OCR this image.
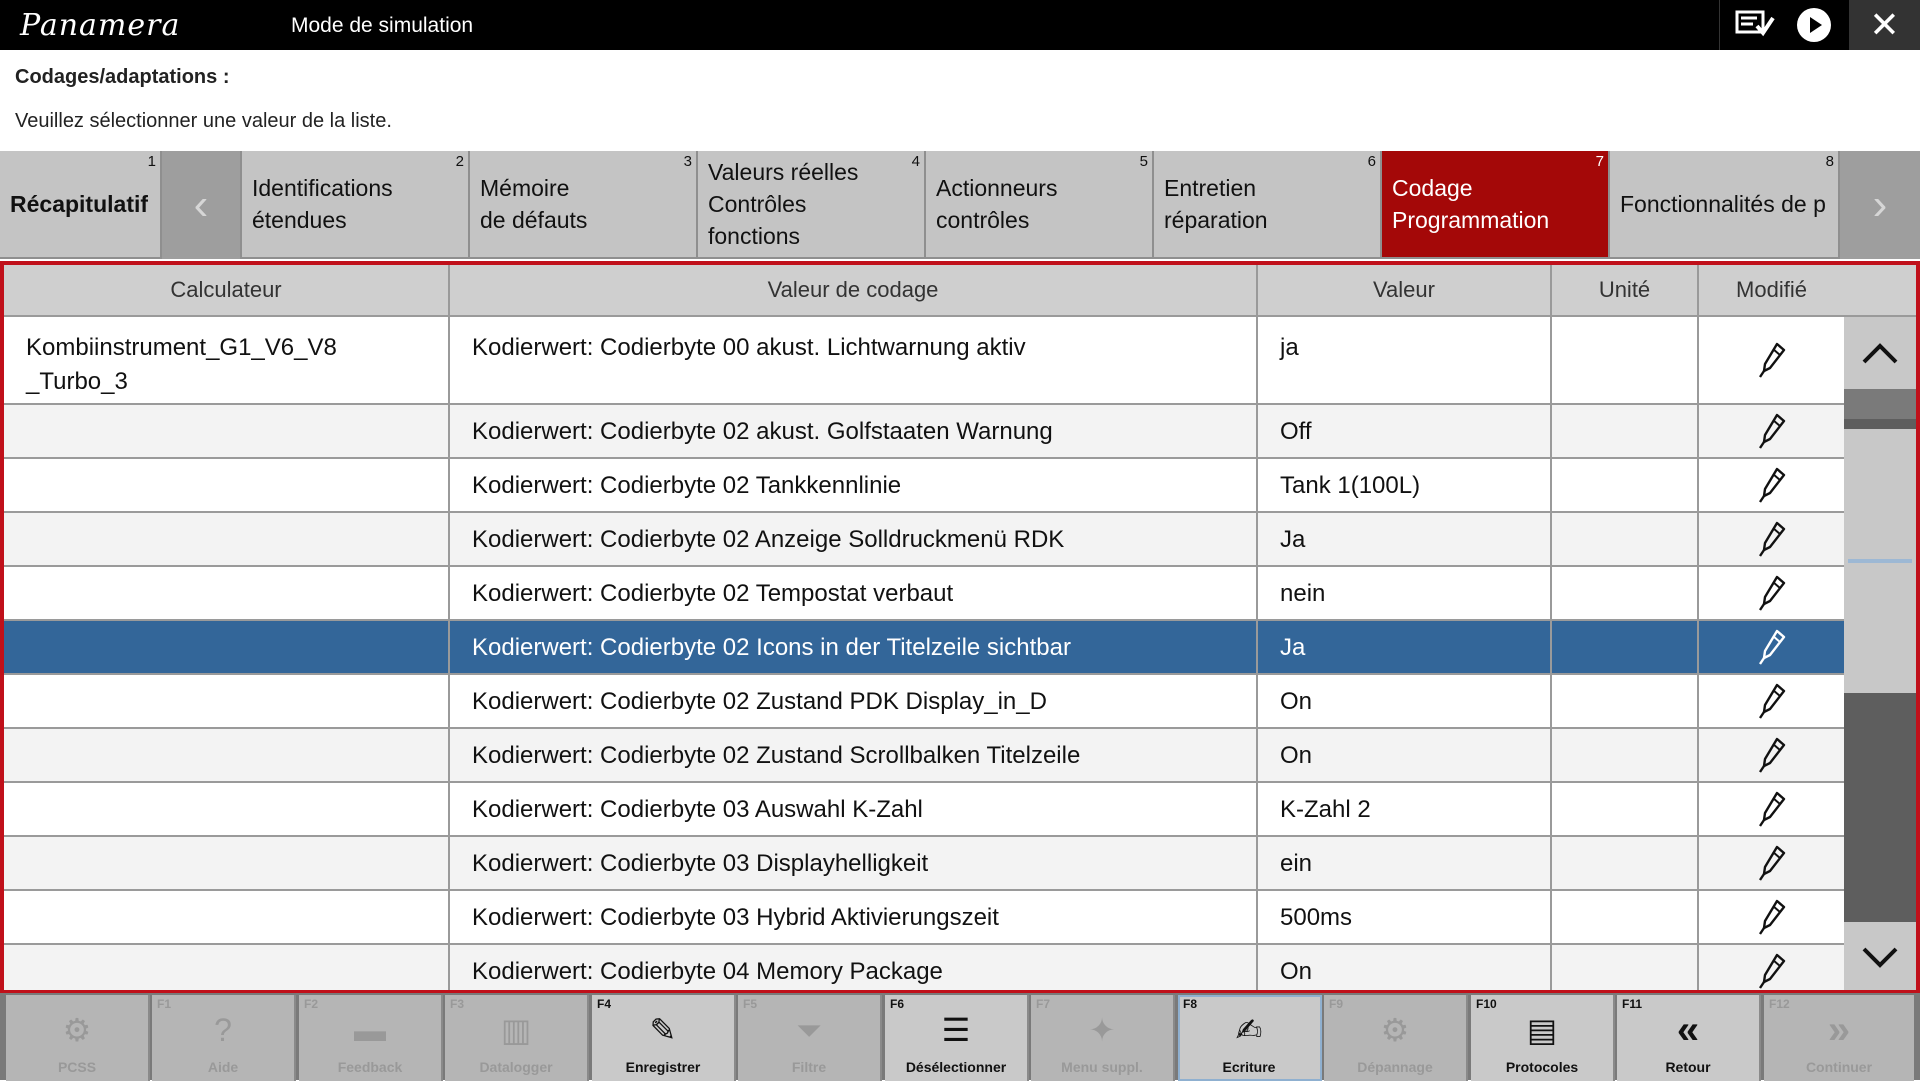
Panamera	Mode de simulation	✕
Codages/adaptations :
Veuillez sélectionner une valeur de la liste.
1
Récapitulatif ‹
2
Identifications
étendues
3
Mémoire
de défauts
4
Valeurs réelles
Contrôles
fonctions
5
Actionneurs
contrôles
6
Entretien
réparation
7
Codage
Programmation
8
Fonctionnalités de p ›
Calculateur	Valeur de codage	Valeur	Unité	Modifié
Kombiinstrument_G1_V6_V8
_Turbo_3
Kodierwert: Codierbyte 00 akust. Lichtwarnung aktiv	ja
Kodierwert: Codierbyte 02 akust. Golfstaaten Warnung	Off
Kodierwert: Codierbyte 02 Tankkennlinie	Tank 1(100L)
Kodierwert: Codierbyte 02 Anzeige Solldruckmenü RDK	Ja
Kodierwert: Codierbyte 02 Tempostat verbaut	nein
Kodierwert: Codierbyte 02 Icons in der Titelzeile sichtbar	Ja
Kodierwert: Codierbyte 02 Zustand PDK Display_in_D	On
Kodierwert: Codierbyte 02 Zustand Scrollbalken Titelzeile	On
Kodierwert: Codierbyte 03 Auswahl K-Zahl	K-Zahl 2
Kodierwert: Codierbyte 03 Displayhelligkeit	ein
Kodierwert: Codierbyte 03 Hybrid Aktivierungszeit	500ms
Kodierwert: Codierbyte 04 Memory Package	On
⚙
PCSS
F1
?
Aide
F2
▬
Feedback
F3
▥
Datalogger
F4
✎
Enregistrer
F5
⏷
Filtre
F6
☰
Désélectionner
F7
✦
Menu suppl.
F8
✍
Ecriture
F9
⚙
Dépannage
F10
▤
Protocoles
F11
«
Retour
F12
»
Continuer
